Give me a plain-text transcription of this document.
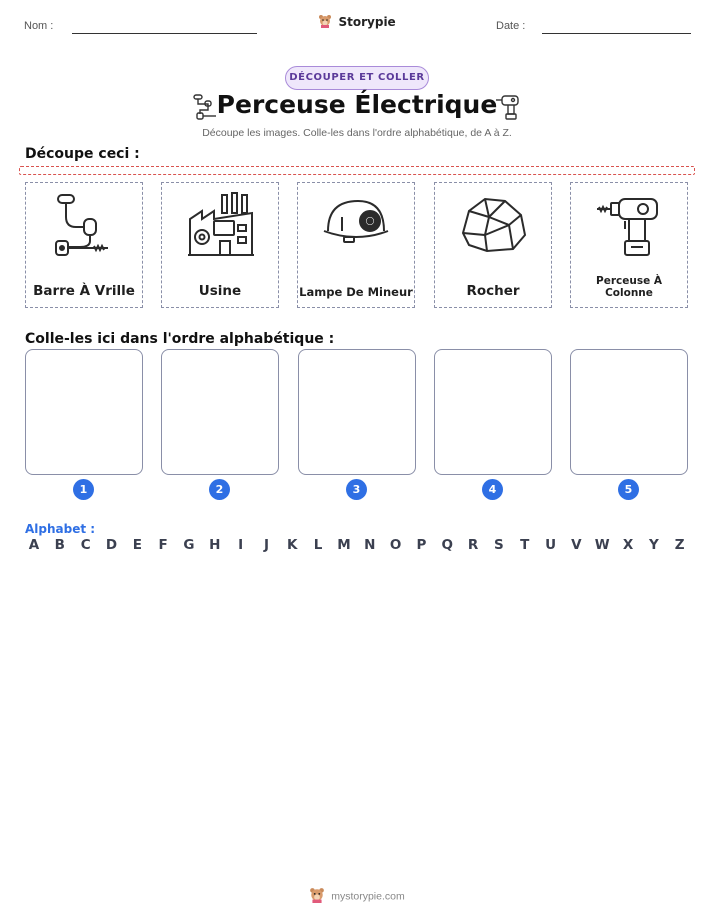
Nom :	Storypie	Date :
DÉCOUPER ET COLLER
Perceuse Électrique
Découpe les images. Colle-les dans l'ordre alphabétique, de A à Z.
Découpe ceci :
Barre À Vrille	Usine	Lampe De Mineur	Rocher
Perceuse À Colonne
Colle-les ici dans l'ordre alphabétique :
1	2	3	4	5
Alphabet :
A B C D	E	F	G H	I	J	K	L	M N O P Q R	S	T	U V W X	Y	Z
mystorypie.com
